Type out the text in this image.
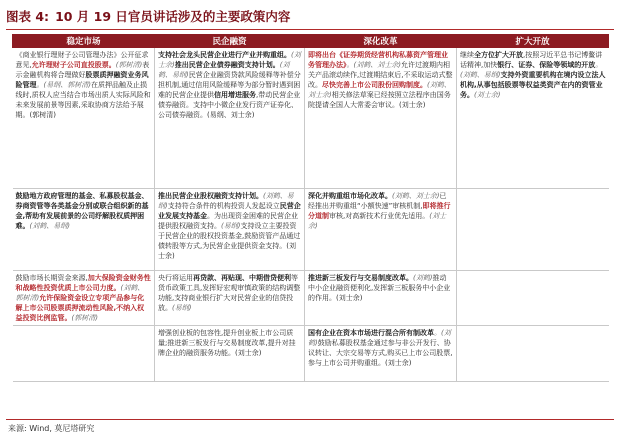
图表 4: 10 月 19 日官员讲话涉及的主要政策内容
稳定市场	民企融资	深化改革	扩大开放
《商业银行理财子公司管理办法》公开征求意见,允许理财子公司直投股票。(郭树清)表示金融机构将合理做好股票质押融资业务风险管理。(易纲、郭树清)在质押品触及止损线时,质权人应当结合市场出质人实际风险和未来发展前景等因素,采取协商方法给予展期。(郭树清)	支持社会龙头民营企业进行产业并购重组。(刘士余)推出民营企业债券融资支持计划。(刘鹤、易纲)民营企业融资贷款风险缓释等补偿分担机制,通过信用风险缓释等为部分暂时遇到困难的民营企业提供信用增进服务,带动民营企业债券融资。支持中小微企业发行资产证券化、公司债券融资。(易纲、刘士余)	即将出台《证券期货经营机构私募资产管理业务管理办法》。(刘鹤、刘士余)允许过渡期内相关产品滚动续作,过渡期结束后,不采取运动式整改。尽快完善上市公司股份回购制度。(刘鹤、刘士余)相关修法草案已经按照立法程序由国务院提请全国人大常委会审议。(刘士余)	继续全方位扩大开放,按照习近平总书记博鳌讲话精神,加快银行、证券、保险等领域的开放。(刘鹤、易纲)支持外资重要机构在境内设立法人机构,从事包括股票等权益类资产在内的资管业务。(刘士余)
鼓励地方政府管理的基金、私募股权基金、券商资管等各类基金分别或联合组织新的基金,帮助有发展前景的公司纾解股权质押困难。(刘鹤、易纲)	推出民营企业股权融资支持计划。(刘鹤、易纲)支持符合条件的机构投资人发起设立民营企业发展支持基金。为出现资金困难的民营企业提供股权融资支持。(易纲)支持设立主要投资于民营企业的股权投资基金,鼓励资管产品通过债转股等方式,为民营企业提供资金支持。(刘士余)	深化并购重组市场化改革。(刘鹤、刘士余)已经推出并购重组“小额快速”审核机制,即将推行分道制审核,对高新技术行业优先适用。(刘士余)	
鼓励市场长期资金来源,加大保险资金财务性和战略性投资优质上市公司力度。(刘鹤、郭树清)允许保险资金设立专项产品参与化解上市公司股票质押流动性风险,不纳入权益投资比例监管。(郭树清)	央行将运用再贷款、再贴现、中期借贷便利等货币政策工具,发挥好宏观审慎政策的结构调整功能,支持商业银行扩大对民营企业的信贷投放。(易纲)	推进新三板发行与交易制度改革。(刘鹤)推动中小企业融资便利化,发挥新三板服务中小企业的作用。(刘士余)	
	增强创业板的包容性,提升创业板上市公司质量;推进新三板发行与交易制度改革,提升对挂牌企业的融资服务功能。(刘士余)	国有企业在资本市场进行混合所有制改革。(刘鹤)鼓励私募股权基金通过参与非公开发行、协议转让、大宗交易等方式,购买已上市公司股票,参与上市公司并购重组。(刘士余)	
来源: Wind, 莫尼塔研究
